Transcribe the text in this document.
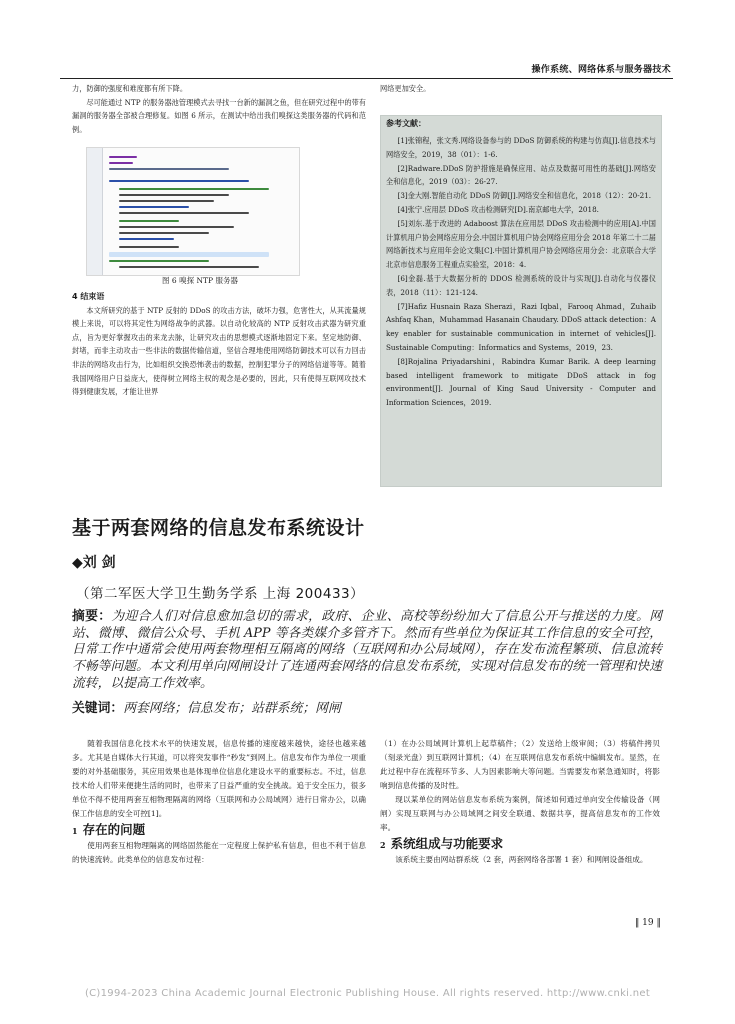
操作系统、网络体系与服务器技术

力，防御的强度和难度都有所下降。

尽可能通过 NTP 的服务器池管理模式去寻找一台新的漏洞之鱼，但在研究过程中的带有漏洞的服务器全部被合理修复。如图 6 所示，在测试中给出我们嗅探这类服务器的代码和范例。

图 6 嗅探 NTP 服务器
4 结束语

本文所研究的基于 NTP 反射的 DDoS 的攻击方法，破坏力强，危害性大，从其流量规模上来说，可以将其定性为网络战争的武器。以自动化较高的 NTP 反射攻击武器为研究重点，旨为更好掌握攻击的来龙去脉，让研究攻击的思想模式逐渐地固定下来。坚定地防御、封堵，而非主动攻击一些非法的数据传输信道，坚信合理地使用网络防御技术可以有力回击非法的网络攻击行为，比如组织交换恐怖袭击的数据，控制犯罪分子的网络信道等等。随着我国网络用户日益庞大，使得树立网络主权的观念是必要的，因此，只有使得互联网攻技术得到健康发展，才能让世界

网络更加安全。
参考文献：

[1]张锦程，张文秀.网络设备参与的 DDoS 防御系统的构建与仿真[J].信息技术与网络安全，2019，38（01）：1-6.

[2]Radware.DDoS 防护措施是确保应用、站点及数据可用性的基础[J].网络安全和信息化，2019（03）：26-27.

[3]金大刚.智能自动化 DDoS 防御[J].网络安全和信息化，2018（12）：20-21.

[4]张宁.应用层 DDoS 攻击检测研究[D].南京邮电大学，2018.

[5]刘东.基于改进的 Adaboost 算法在应用层 DDoS 攻击检测中的应用[A].中国计算机用户协会网络应用分会.中国计算机用户协会网络应用分会 2018 年第二十二届网络新技术与应用年会论文集[C].中国计算机用户协会网络应用分会：北京联合大学北京市信息服务工程重点实验室，2018：4.

[6]金磊.基于大数据分析的 DDOS 检测系统的设计与实现[J].自动化与仪器仪表，2018（11）：121-124.

[7]Hafiz Husnain Raza Sherazi，Razi Iqbal，Farooq Ahmad，Zuhaib Ashfaq Khan，Muhammad Hasanain Chaudary. DDoS attack detection：A key enabler for sustainable communication in internet of vehicles[J]. Sustainable Computing：Informatics and Systems，2019，23.

[8]Rojalina Priyadarshini，Rabindra Kumar Barik. A deep learning based intelligent framework to mitigate DDoS attack in fog environment[J]. Journal of King Saud University - Computer and Information Sciences，2019.

基于两套网络的信息发布系统设计
◆刘 剑
（第二军医大学卫生勤务学系 上海 200433）
摘要：为迎合人们对信息愈加急切的需求，政府、企业、高校等纷纷加大了信息公开与推送的力度。网站、微博、微信公众号、手机 APP 等各类媒介多管齐下。然而有些单位为保证其工作信息的安全可控，日常工作中通常会使用两套物理相互隔离的网络（互联网和办公局域网），存在发布流程繁琐、信息流转不畅等问题。本文利用单向网闸设计了连通两套网络的信息发布系统，实现对信息发布的统一管理和快速流转，以提高工作效率。
关键词：两套网络；信息发布；站群系统；网闸

随着我国信息化技术水平的快速发展，信息传播的速度越来越快，途径也越来越多。尤其是自媒体大行其道，可以将突发事件“秒发”到网上。信息发布作为单位一项重要的对外基础服务，其应用效果也是体现单位信息化建设水平的重要标志。不过，信息技术给人们带来便捷生活的同时，也带来了日益严重的安全挑战。追于安全压力，很多单位不得不使用两套互相物理隔离的网络（互联网和办公局域网）进行日常办公，以确保工作信息的安全可控[1]。

1 存在的问题

使用两套互相物理隔离的网络固然能在一定程度上保护私有信息，但也不利于信息的快速流转。此类单位的信息发布过程：

（1）在办公局域网计算机上起草稿件；（2）发送给上级审阅；（3）将稿件拷贝（刻录光盘）到互联网计算机；（4）在互联网信息发布系统中编辑发布。显然，在此过程中存在流程环节多、人为因素影响大等问题。当需要发布紧急通知时，将影响到信息传播的及时性。

现以某单位的网站信息发布系统为案例，简述如何通过单向安全传输设备（网闸）实现互联网与办公局域网之间安全联通、数据共享，提高信息发布的工作效率。

2 系统组成与功能要求

该系统主要由网站群系统（2 套，两套网络各部署 1 套）和网闸设备组成。

‖ 19 ‖
(C)1994-2023 China Academic Journal Electronic Publishing House. All rights reserved. http://www.cnki.net
